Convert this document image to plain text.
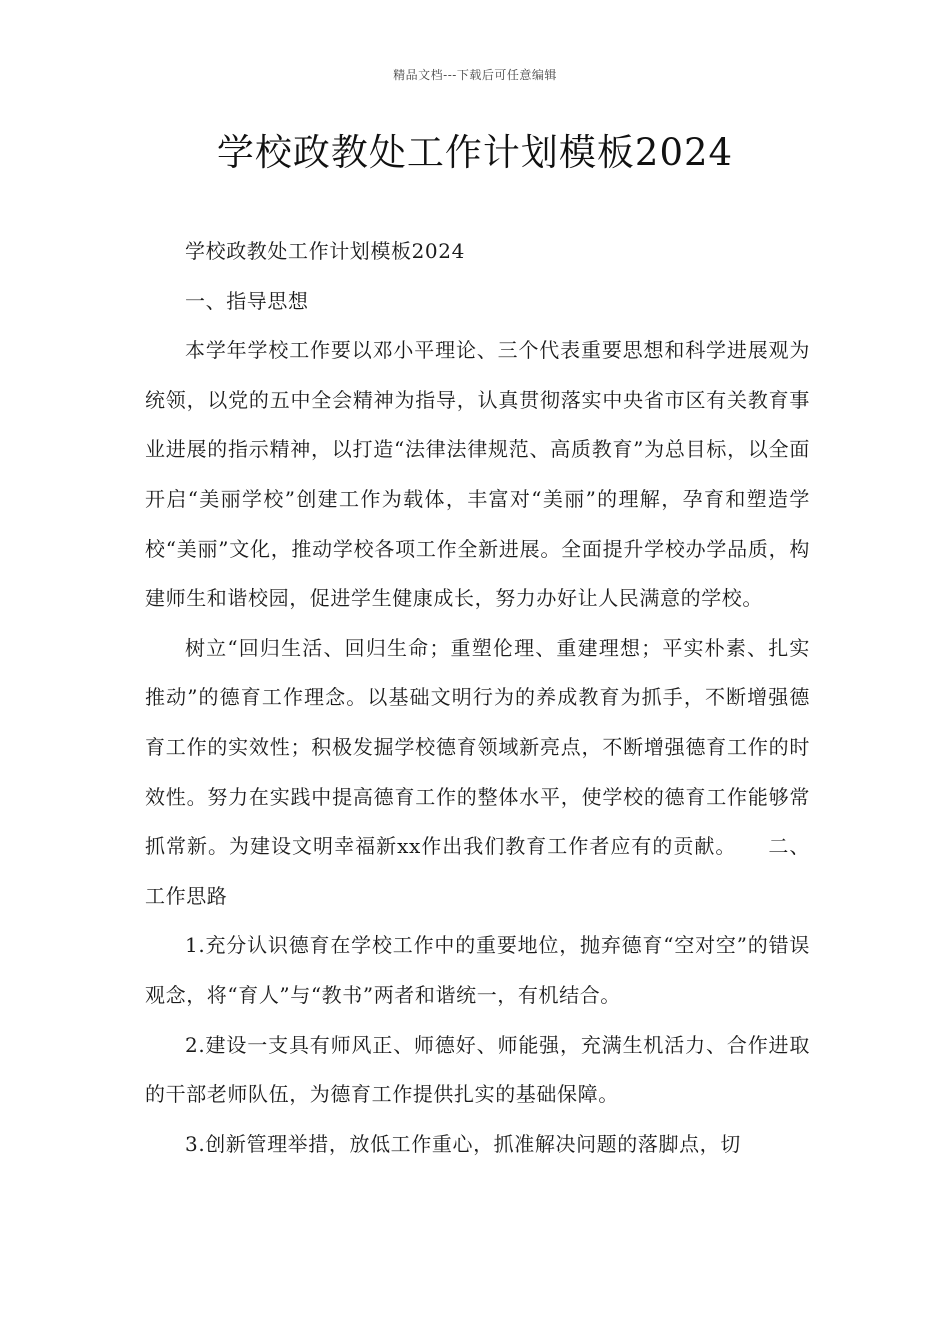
精品文档---下载后可任意编辑
学校政教处工作计划模板2024

学校政教处工作计划模板2024

一、指导思想

本学年学校工作要以邓小平理论、三个代表重要思想和科学进展观为统领，以党的五中全会精神为指导，认真贯彻落实中央省市区有关教育事业进展的指示精神，以打造“法律法律规范、高质教育”为总目标，以全面开启“美丽学校”创建工作为载体，丰富对“美丽”的理解，孕育和塑造学校“美丽”文化，推动学校各项工作全新进展。全面提升学校办学品质，构建师生和谐校园，促进学生健康成长，努力办好让人民满意的学校。

树立“回归生活、回归生命；重塑伦理、重建理想；平实朴素、扎实推动”的德育工作理念。以基础文明行为的养成教育为抓手，不断增强德育工作的实效性；积极发掘学校德育领域新亮点，不断增强德育工作的时效性。努力在实践中提高德育工作的整体水平，使学校的德育工作能够常抓常新。为建设文明幸福新xx作出我们教育工作者应有的贡献。　　二、工作思路

1.充分认识德育在学校工作中的重要地位，抛弃德育“空对空”的错误观念，将“育人”与“教书”两者和谐统一，有机结合。

2.建设一支具有师风正、师德好、师能强，充满生机活力、合作进取的干部老师队伍，为德育工作提供扎实的基础保障。

3.创新管理举措，放低工作重心，抓准解决问题的落脚点，切
